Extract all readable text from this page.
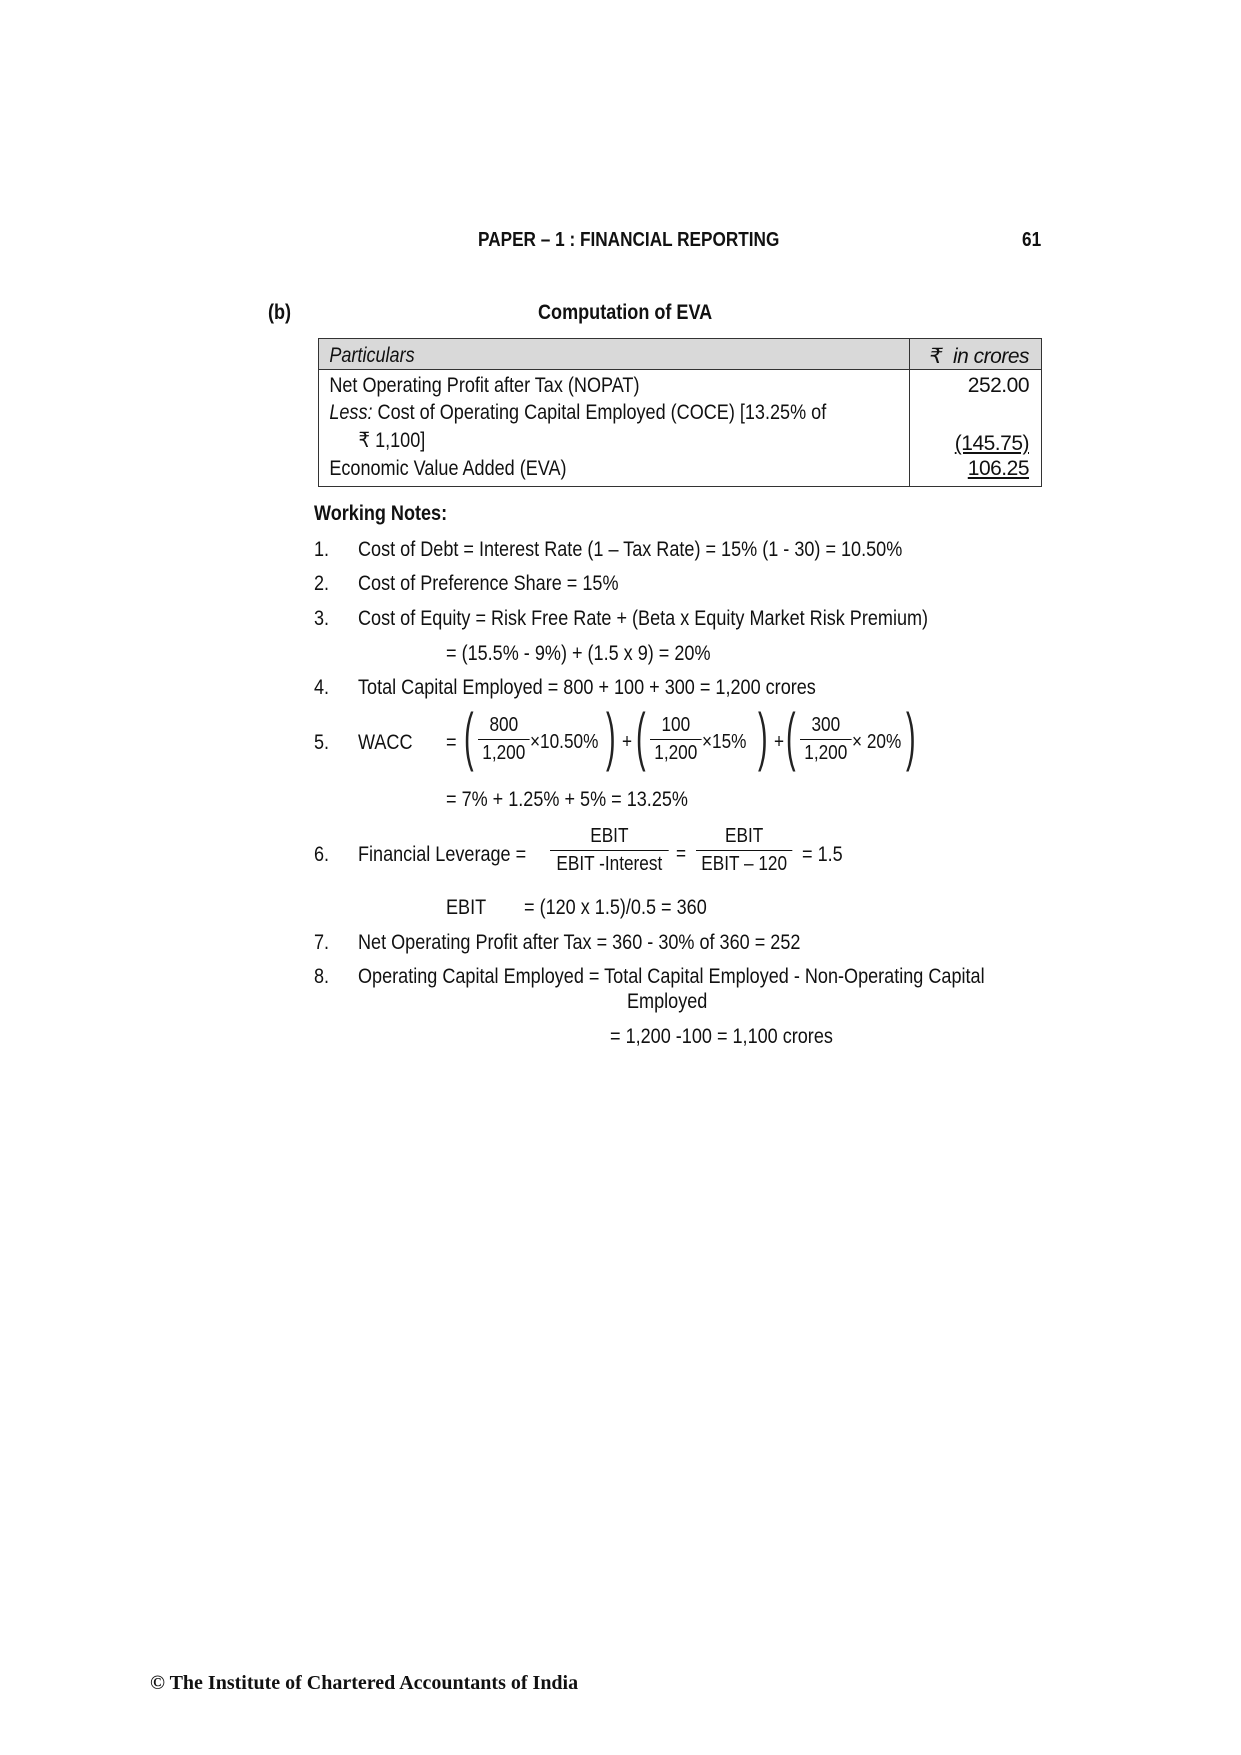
PAPER – 1 : FINANCIAL REPORTING	61
(b)	Computation of EVA
Particulars	₹ in crores

Net Operating Profit after Tax (NOPAT)	252.00

Less: Cost of Operating Capital Employed (COCE) [13.25% of
₹ 1,100]	(145.75)

Economic Value Added (EVA)	106.25
Working Notes:
1. Cost of Debt = Interest Rate (1 – Tax Rate) = 15% (1 - 30) = 10.50%
2. Cost of Preference Share = 15%
3. Cost of Equity = Risk Free Rate + (Beta x Equity Market Risk Premium)
= (15.5% - 9%) + (1.5 x 9) = 20%
4. Total Capital Employed = 800 + 100 + 300 = 1,200 crores
5. WACC = ( 800
1,200 ×10.50% ) + ( 100
1,200 ×15% ) + ( 300
1,200 × 20% )
= 7% + 1.25% + 5% = 13.25%
6. Financial Leverage =
EBIT
EBIT -Interest =
EBIT
EBIT – 120 = 1.5
EBIT = (120 x 1.5)/0.5 = 360
7. Net Operating Profit after Tax = 360 - 30% of 360 = 252
8. Operating Capital Employed = Total Capital Employed - Non-Operating Capital
Employed
= 1,200 -100 = 1,100 crores
© The Institute of Chartered Accountants of India
